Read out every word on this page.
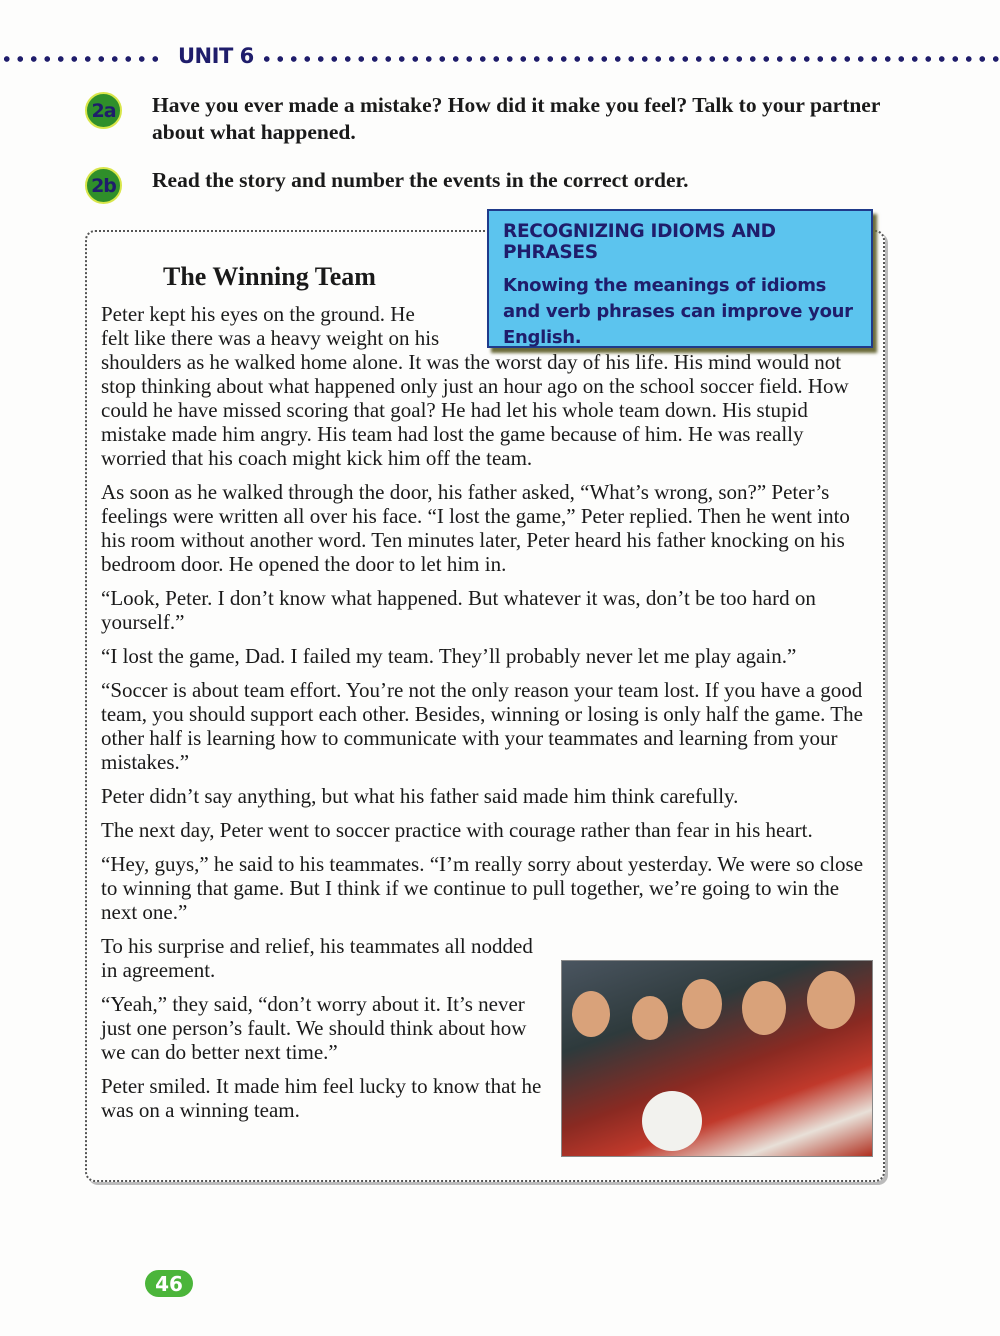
UNIT 6
2a	Have you ever made a mistake? How did it make you feel? Talk to your partner about what happened.
2b Read the story and number the events in the correct order.
The Winning Team

Peter kept his eyes on the ground. He felt like there was a heavy weight on his shoulders as he walked home alone. It was the worst day of his life. His mind would not stop thinking about what happened only just an hour ago on the school soccer field. How could he have missed scoring that goal? He had let his whole team down. His stupid mistake made him angry. His team had lost the game because of him. He was really worried that his coach might kick him off the team.

As soon as he walked through the door, his father asked, “What’s wrong, son?” Peter’s feelings were written all over his face. “I lost the game,” Peter replied. Then he went into his room without another word. Ten minutes later, Peter heard his father knocking on his bedroom door. He opened the door to let him in.

“Look, Peter. I don’t know what happened. But whatever it was, don’t be too hard on yourself.”

“I lost the game, Dad. I failed my team. They’ll probably never let me play again.”

“Soccer is about team effort. You’re not the only reason your team lost. If you have a good team, you should support each other. Besides, winning or losing is only half the game. The other half is learning how to communicate with your teammates and learning from your mistakes.”

Peter didn’t say anything, but what his father said made him think carefully.

The next day, Peter went to soccer practice with courage rather than fear in his heart.

“Hey, guys,” he said to his teammates. “I’m really sorry about yesterday. We were so close to winning that game. But I think if we continue to pull together, we’re going to win the next one.”

To his surprise and relief, his teammates all nodded in agreement.

“Yeah,” they said, “don’t worry about it. It’s never just one person’s fault. We should think about how we can do better next time.”

Peter smiled. It made him feel lucky to know that he was on a winning team.

RECOGNIZING IDIOMS AND PHRASES
Knowing the meanings of idioms and verb phrases can improve your English.
46
